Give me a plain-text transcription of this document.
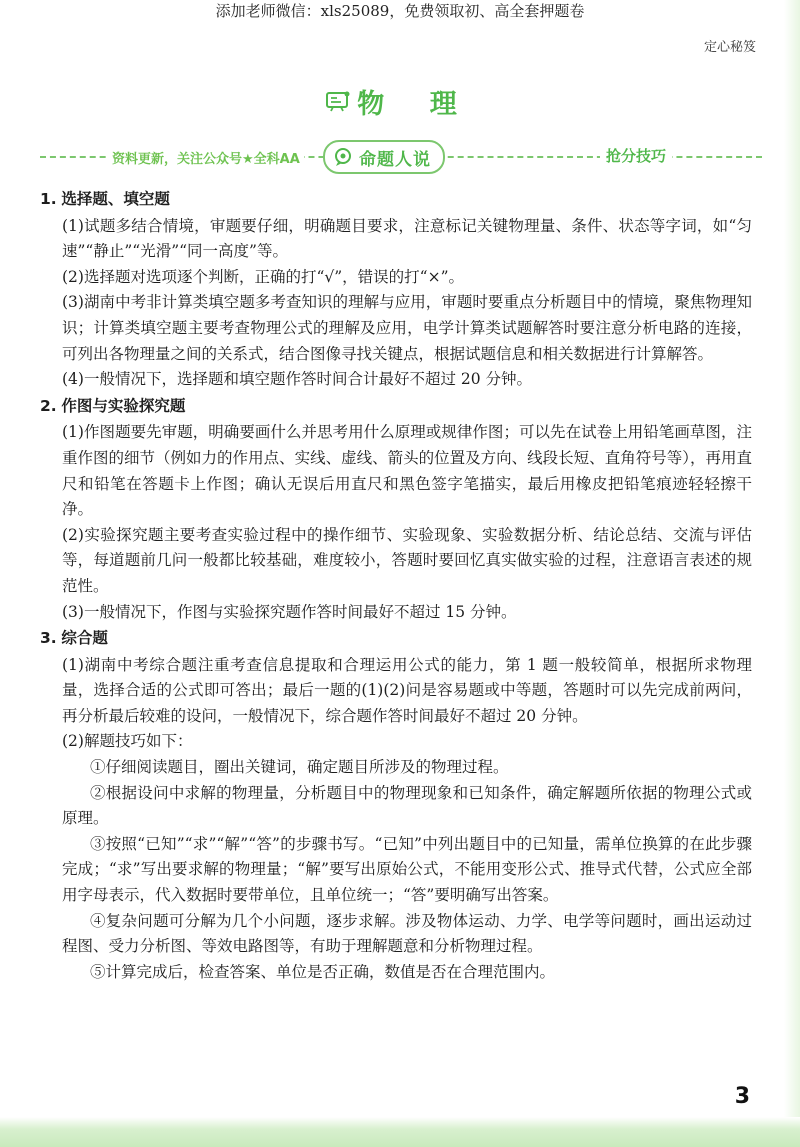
添加老师微信：xls25089，免费领取初、高全套押题卷
定心秘笈
物 理
资料更新，关注公众号★全科AA	命题人说	抢分技巧
1. 选择题、填空题

(1)试题多结合情境，审题要仔细，明确题目要求，注意标记关键物理量、条件、状态等字词，如“匀速”“静止”“光滑”“同一高度”等。

(2)选择题对选项逐个判断，正确的打“√”，错误的打“×”。

(3)湖南中考非计算类填空题多考查知识的理解与应用，审题时要重点分析题目中的情境，聚焦物理知识；计算类填空题主要考查物理公式的理解及应用，电学计算类试题解答时要注意分析电路的连接，可列出各物理量之间的关系式，结合图像寻找关键点，根据试题信息和相关数据进行计算解答。

(4)一般情况下，选择题和填空题作答时间合计最好不超过 20 分钟。

2. 作图与实验探究题

(1)作图题要先审题，明确要画什么并思考用什么原理或规律作图；可以先在试卷上用铅笔画草图，注重作图的细节（例如力的作用点、实线、虚线、箭头的位置及方向、线段长短、直角符号等），再用直尺和铅笔在答题卡上作图；确认无误后用直尺和黑色签字笔描实，最后用橡皮把铅笔痕迹轻轻擦干净。

(2)实验探究题主要考查实验过程中的操作细节、实验现象、实验数据分析、结论总结、交流与评估等，每道题前几问一般都比较基础，难度较小，答题时要回忆真实做实验的过程，注意语言表述的规范性。

(3)一般情况下，作图与实验探究题作答时间最好不超过 15 分钟。

3. 综合题

(1)湖南中考综合题注重考查信息提取和合理运用公式的能力，第 1 题一般较简单，根据所求物理量，选择合适的公式即可答出；最后一题的(1)(2)问是容易题或中等题，答题时可以先完成前两问，再分析最后较难的设问，一般情况下，综合题作答时间最好不超过 20 分钟。

(2)解题技巧如下：

①仔细阅读题目，圈出关键词，确定题目所涉及的物理过程。

②根据设问中求解的物理量，分析题目中的物理现象和已知条件，确定解题所依据的物理公式或原理。

③按照“已知”“求”“解”“答”的步骤书写。“已知”中列出题目中的已知量，需单位换算的在此步骤完成；“求”写出要求解的物理量；“解”要写出原始公式，不能用变形公式、推导式代替，公式应全部用字母表示，代入数据时要带单位，且单位统一；“答”要明确写出答案。

④复杂问题可分解为几个小问题，逐步求解。涉及物体运动、力学、电学等问题时，画出运动过程图、受力分析图、等效电路图等，有助于理解题意和分析物理过程。

⑤计算完成后，检查答案、单位是否正确，数值是否在合理范围内。

3
